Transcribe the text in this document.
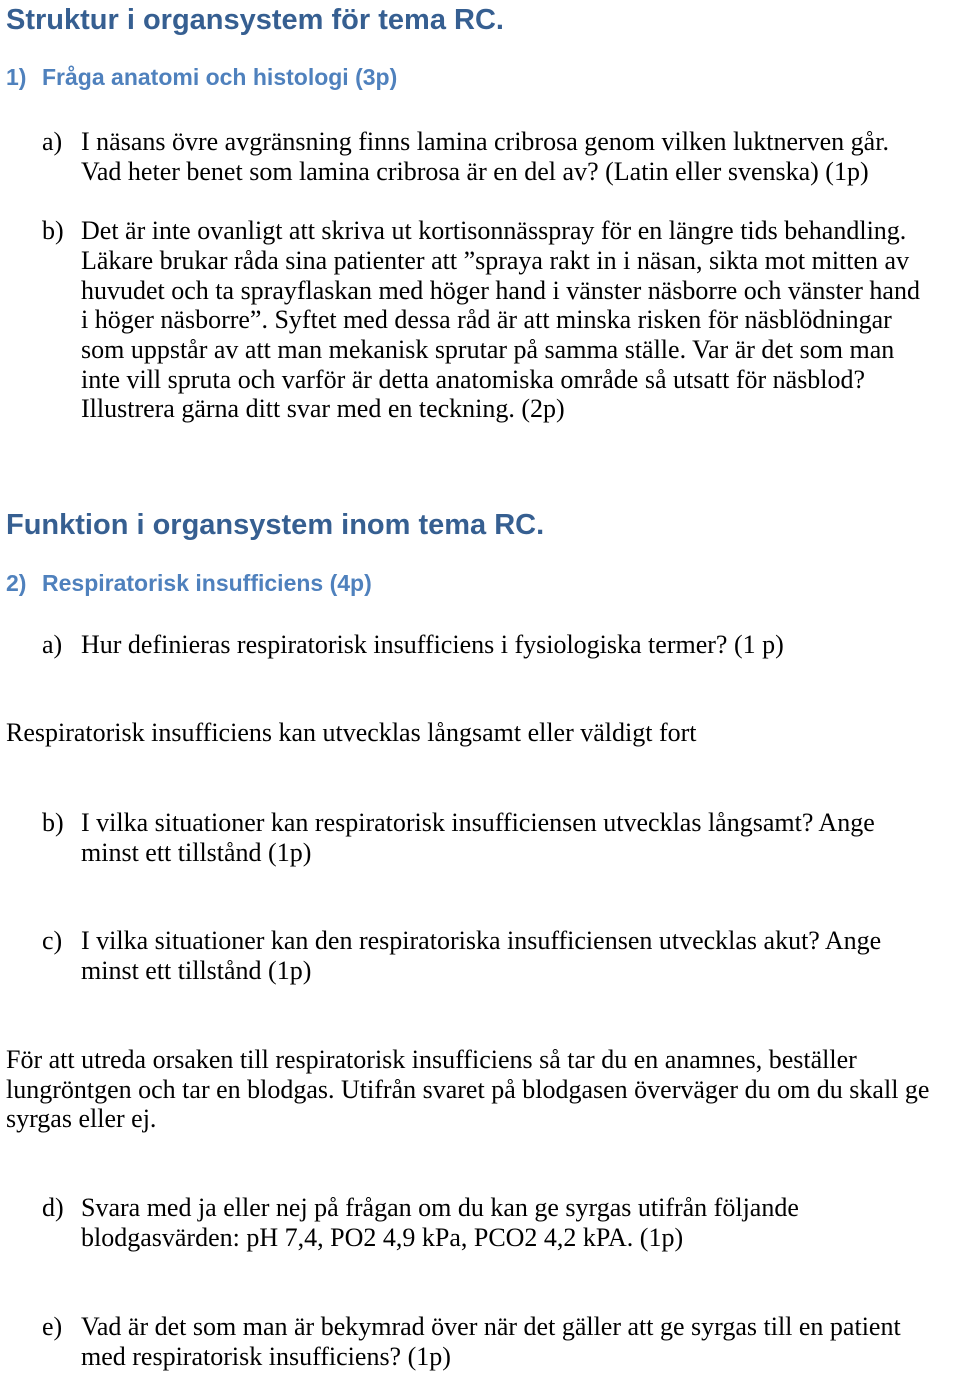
Struktur i organsystem för tema RC.
1) Fråga anatomi och histologi (3p)
a) I näsans övre avgränsning finns lamina cribrosa genom vilken luktnerven går.
Vad heter benet som lamina cribrosa är en del av? (Latin eller svenska) (1p)
b) Det är inte ovanligt att skriva ut kortisonnässpray för en längre tids behandling.
Läkare brukar råda sina patienter att ”spraya rakt in i näsan, sikta mot mitten av
huvudet och ta sprayflaskan med höger hand i vänster näsborre och vänster hand
i höger näsborre”. Syftet med dessa råd är att minska risken för näsblödningar
som uppstår av att man mekanisk sprutar på samma ställe. Var är det som man
inte vill spruta och varför är detta anatomiska område så utsatt för näsblod?
Illustrera gärna ditt svar med en teckning. (2p)
Funktion i organsystem inom tema RC.
2) Respiratorisk insufficiens (4p)
a) Hur definieras respiratorisk insufficiens i fysiologiska termer? (1 p)
Respiratorisk insufficiens kan utvecklas långsamt eller väldigt fort
b) I vilka situationer kan respiratorisk insufficiensen utvecklas långsamt? Ange
minst ett tillstånd (1p)
c) I vilka situationer kan den respiratoriska insufficiensen utvecklas akut? Ange
minst ett tillstånd (1p)
För att utreda orsaken till respiratorisk insufficiens så tar du en anamnes, beställer
lungröntgen och tar en blodgas. Utifrån svaret på blodgasen överväger du om du skall ge
syrgas eller ej.
d) Svara med ja eller nej på frågan om du kan ge syrgas utifrån följande
blodgasvärden: pH 7,4, PO2 4,9 kPa, PCO2 4,2 kPA. (1p)
e) Vad är det som man är bekymrad över när det gäller att ge syrgas till en patient
med respiratorisk insufficiens? (1p)
